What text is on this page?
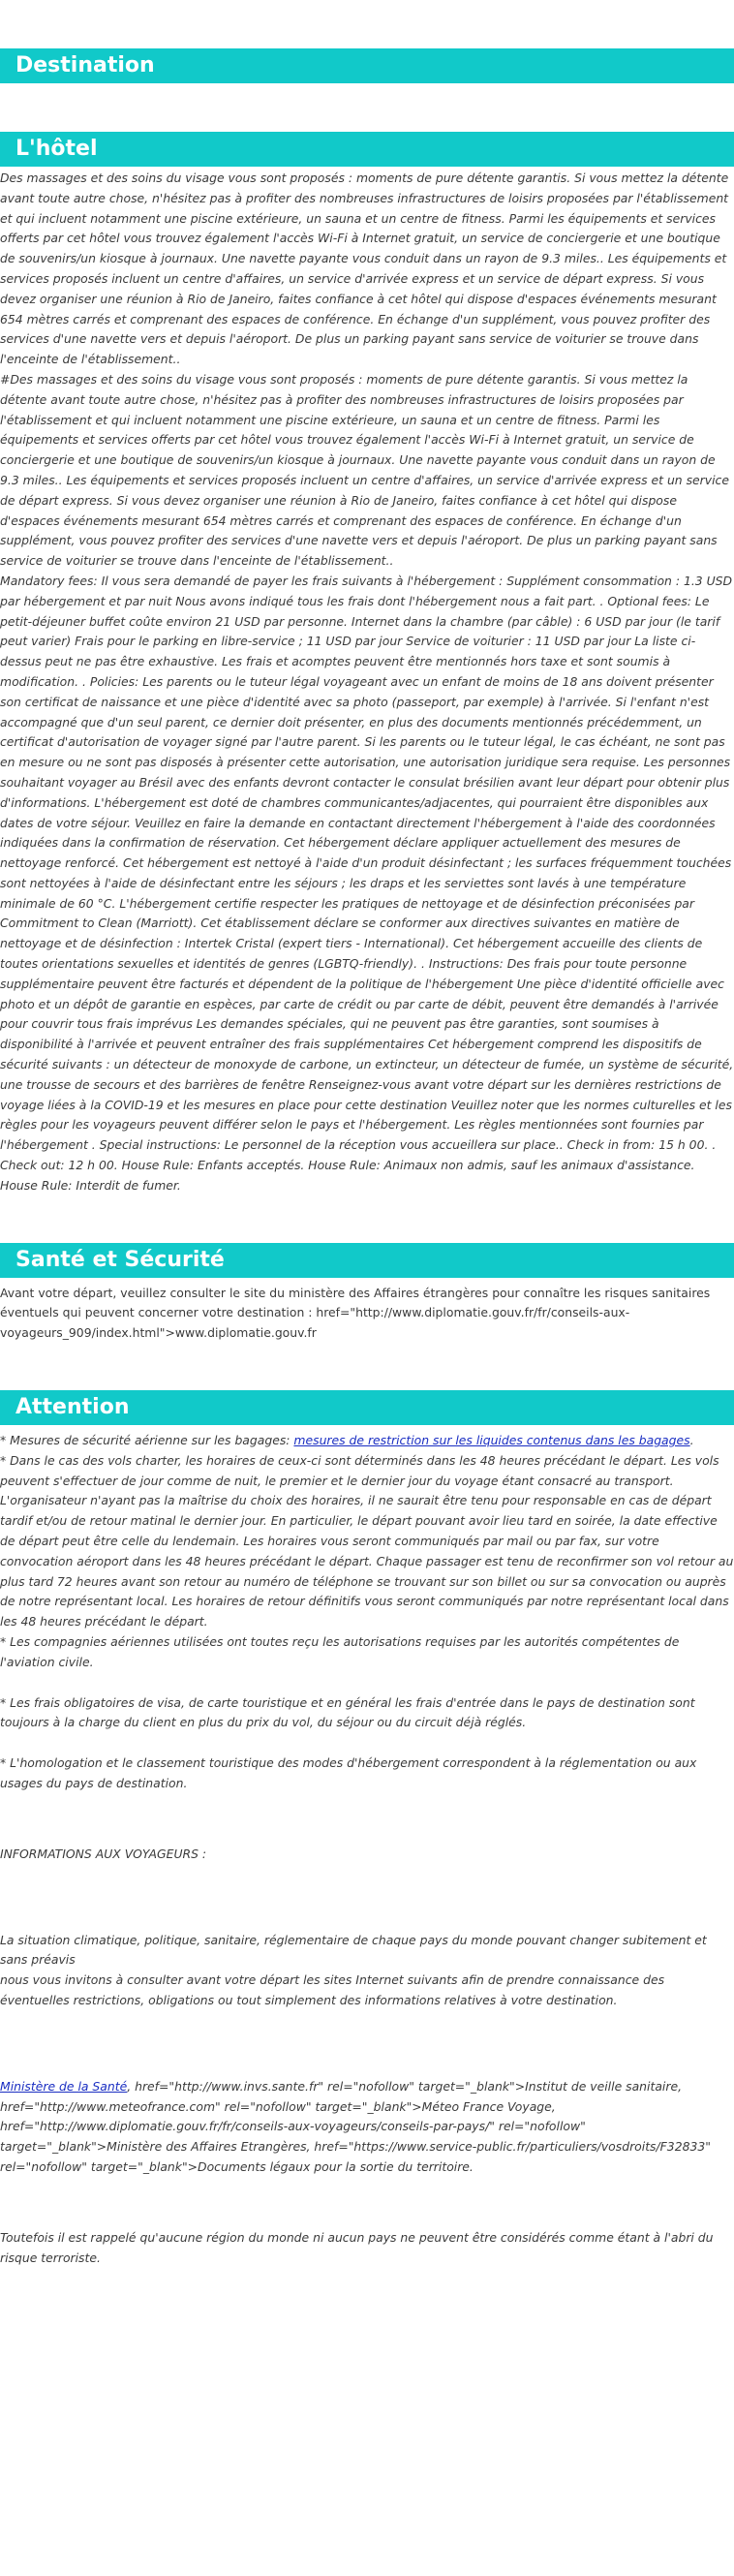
Destination
L'hôtel

Des massages et des soins du visage vous sont proposés : moments de pure détente garantis. Si vous mettez la détente avant toute autre chose, n'hésitez pas à profiter des nombreuses infrastructures de loisirs proposées par l'établissement et qui incluent notamment une piscine extérieure, un sauna et un centre de fitness. Parmi les équipements et services offerts par cet hôtel vous trouvez également l'accès Wi-Fi à Internet gratuit, un service de conciergerie et une boutique de souvenirs/un kiosque à journaux. Une navette payante vous conduit dans un rayon de 9.3 miles.. Les équipements et services proposés incluent un centre d'affaires, un service d'arrivée express et un service de départ express. Si vous devez organiser une réunion à Rio de Janeiro, faites confiance à cet hôtel qui dispose d'espaces événements mesurant 654 mètres carrés et comprenant des espaces de conférence. En échange d'un supplément, vous pouvez profiter des services d'une navette vers et depuis l'aéroport. De plus un parking payant sans service de voiturier se trouve dans l'enceinte de l'établissement..

#Des massages et des soins du visage vous sont proposés : moments de pure détente garantis. Si vous mettez la détente avant toute autre chose, n'hésitez pas à profiter des nombreuses infrastructures de loisirs proposées par l'établissement et qui incluent notamment une piscine extérieure, un sauna et un centre de fitness. Parmi les équipements et services offerts par cet hôtel vous trouvez également l'accès Wi-Fi à Internet gratuit, un service de conciergerie et une boutique de souvenirs/un kiosque à journaux. Une navette payante vous conduit dans un rayon de 9.3 miles.. Les équipements et services proposés incluent un centre d'affaires, un service d'arrivée express et un service de départ express. Si vous devez organiser une réunion à Rio de Janeiro, faites confiance à cet hôtel qui dispose d'espaces événements mesurant 654 mètres carrés et comprenant des espaces de conférence. En échange d'un supplément, vous pouvez profiter des services d'une navette vers et depuis l'aéroport. De plus un parking payant sans service de voiturier se trouve dans l'enceinte de l'établissement..

Mandatory fees: Il vous sera demandé de payer les frais suivants à l'hébergement : Supplément consommation : 1.3 USD par hébergement et par nuit Nous avons indiqué tous les frais dont l'hébergement nous a fait part. . Optional fees: Le petit-déjeuner buffet coûte environ 21 USD par personne. Internet dans la chambre (par câble) : 6 USD par jour (le tarif peut varier) Frais pour le parking en libre-service ; 11 USD par jour Service de voiturier : 11 USD par jour La liste ci-dessus peut ne pas être exhaustive. Les frais et acomptes peuvent être mentionnés hors taxe et sont soumis à modification. . Policies: Les parents ou le tuteur légal voyageant avec un enfant de moins de 18 ans doivent présenter son certificat de naissance et une pièce d'identité avec sa photo (passeport, par exemple) à l'arrivée. Si l'enfant n'est accompagné que d'un seul parent, ce dernier doit présenter, en plus des documents mentionnés précédemment, un certificat d'autorisation de voyager signé par l'autre parent. Si les parents ou le tuteur légal, le cas échéant, ne sont pas en mesure ou ne sont pas disposés à présenter cette autorisation, une autorisation juridique sera requise. Les personnes souhaitant voyager au Brésil avec des enfants devront contacter le consulat brésilien avant leur départ pour obtenir plus d'informations. L'hébergement est doté de chambres communicantes/adjacentes, qui pourraient être disponibles aux dates de votre séjour. Veuillez en faire la demande en contactant directement l'hébergement à l'aide des coordonnées indiquées dans la confirmation de réservation. Cet hébergement déclare appliquer actuellement des mesures de nettoyage renforcé. Cet hébergement est nettoyé à l'aide d'un produit désinfectant ; les surfaces fréquemment touchées sont nettoyées à l'aide de désinfectant entre les séjours ; les draps et les serviettes sont lavés à une température minimale de 60 °C. L'hébergement certifie respecter les pratiques de nettoyage et de désinfection préconisées par Commitment to Clean (Marriott). Cet établissement déclare se conformer aux directives suivantes en matière de nettoyage et de désinfection : Intertek Cristal (expert tiers - International). Cet hébergement accueille des clients de toutes orientations sexuelles et identités de genres (LGBTQ-friendly). . Instructions: Des frais pour toute personne supplémentaire peuvent être facturés et dépendent de la politique de l'hébergement Une pièce d'identité officielle avec photo et un dépôt de garantie en espèces, par carte de crédit ou par carte de débit, peuvent être demandés à l'arrivée pour couvrir tous frais imprévus Les demandes spéciales, qui ne peuvent pas être garanties, sont soumises à disponibilité à l'arrivée et peuvent entraîner des frais supplémentaires Cet hébergement comprend les dispositifs de sécurité suivants : un détecteur de monoxyde de carbone, un extincteur, un détecteur de fumée, un système de sécurité, une trousse de secours et des barrières de fenêtre Renseignez-vous avant votre départ sur les dernières restrictions de voyage liées à la COVID-19 et les mesures en place pour cette destination Veuillez noter que les normes culturelles et les règles pour les voyageurs peuvent différer selon le pays et l'hébergement. Les règles mentionnées sont fournies par l'hébergement . Special instructions: Le personnel de la réception vous accueillera sur place.. Check in from: 15 h 00. . Check out: 12 h 00. House Rule: Enfants acceptés. House Rule: Animaux non admis, sauf les animaux d'assistance. House Rule: Interdit de fumer.

Santé et Sécurité

Avant votre départ, veuillez consulter le site du ministère des Affaires étrangères pour connaître les risques sanitaires éventuels qui peuvent concerner votre destination : href="http://www.diplomatie.gouv.fr/fr/conseils-aux-voyageurs_909/index.html">www.diplomatie.gouv.fr

Attention

* Mesures de sécurité aérienne sur les bagages: mesures de restriction sur les liquides contenus dans les bagages.

* Dans le cas des vols charter, les horaires de ceux-ci sont déterminés dans les 48 heures précédant le départ. Les vols peuvent s'effectuer de jour comme de nuit, le premier et le dernier jour du voyage étant consacré au transport. L'organisateur n'ayant pas la maîtrise du choix des horaires, il ne saurait être tenu pour responsable en cas de départ tardif et/ou de retour matinal le dernier jour. En particulier, le départ pouvant avoir lieu tard en soirée, la date effective de départ peut être celle du lendemain. Les horaires vous seront communiqués par mail ou par fax, sur votre convocation aéroport dans les 48 heures précédant le départ. Chaque passager est tenu de reconfirmer son vol retour au plus tard 72 heures avant son retour au numéro de téléphone se trouvant sur son billet ou sur sa convocation ou auprès de notre représentant local. Les horaires de retour définitifs vous seront communiqués par notre représentant local dans les 48 heures précédant le départ.

* Les compagnies aériennes utilisées ont toutes reçu les autorisations requises par les autorités compétentes de l'aviation civile.

* Les frais obligatoires de visa, de carte touristique et en général les frais d'entrée dans le pays de destination sont toujours à la charge du client en plus du prix du vol, du séjour ou du circuit déjà réglés.

* L'homologation et le classement touristique des modes d'hébergement correspondent à la réglementation ou aux usages du pays de destination.

INFORMATIONS AUX VOYAGEURS :

La situation climatique, politique, sanitaire, réglementaire de chaque pays du monde pouvant changer subitement et sans préavis

nous vous invitons à consulter avant votre départ les sites Internet suivants afin de prendre connaissance des éventuelles restrictions, obligations ou tout simplement des informations relatives à votre destination.

Ministère de la Santé, href="http://www.invs.sante.fr" rel="nofollow" target="_blank">Institut de veille sanitaire, href="http://www.meteofrance.com" rel="nofollow" target="_blank">Méteo France Voyage, href="http://www.diplomatie.gouv.fr/fr/conseils-aux-voyageurs/conseils-par-pays/" rel="nofollow" target="_blank">Ministère des Affaires Etrangères, href="https://www.service-public.fr/particuliers/vosdroits/F32833" rel="nofollow" target="_blank">Documents légaux pour la sortie du territoire.

Toutefois il est rappelé qu'aucune région du monde ni aucun pays ne peuvent être considérés comme étant à l'abri du risque terroriste.
